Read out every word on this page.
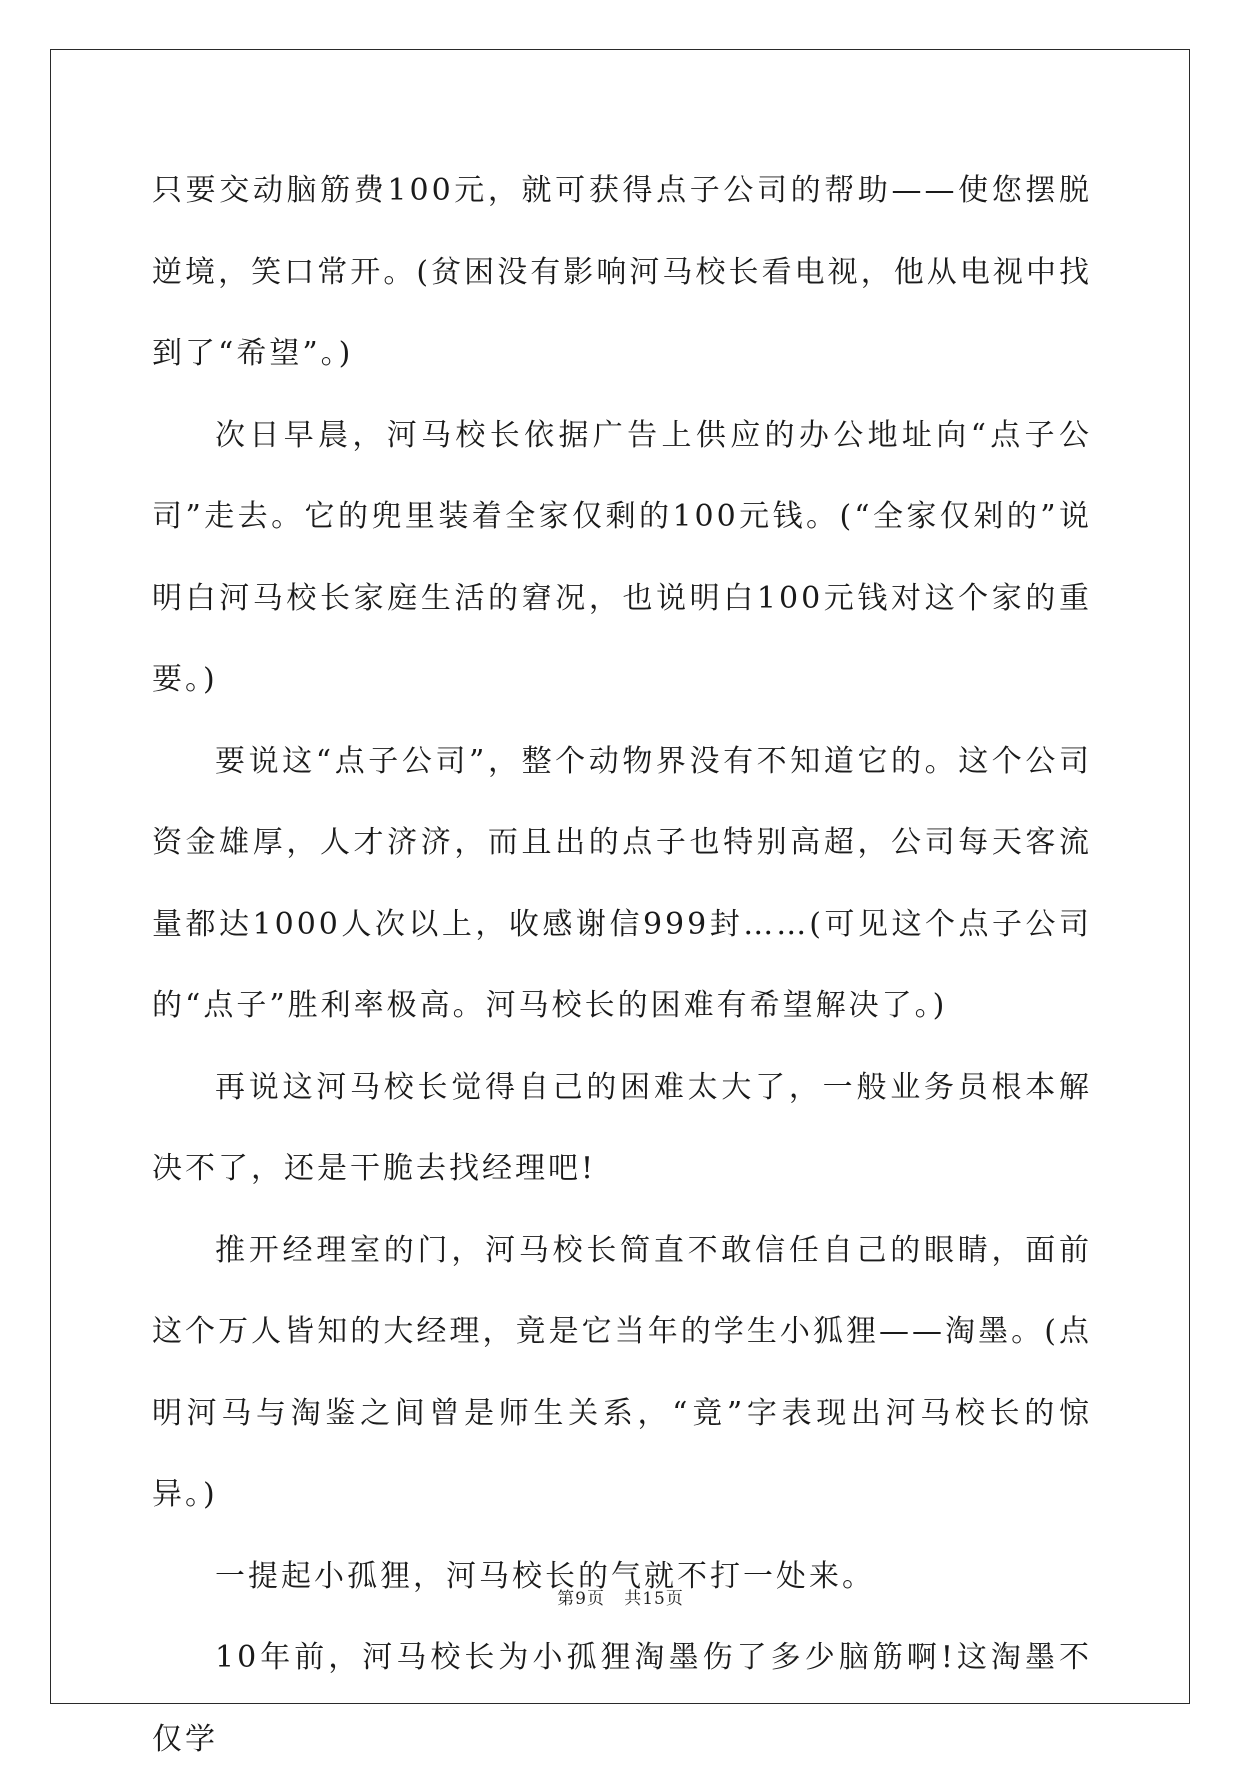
只要交动脑筋费100元，就可获得点子公司的帮助——使您摆脱逆境，笑口常开。(贫困没有影响河马校长看电视，他从电视中找到了“希望”。)

次日早晨，河马校长依据广告上供应的办公地址向“点子公司”走去。它的兜里装着全家仅剩的100元钱。(“全家仅剁的”说明白河马校长家庭生活的窘况，也说明白100元钱对这个家的重要。)

要说这“点子公司”，整个动物界没有不知道它的。这个公司资金雄厚，人才济济，而且出的点子也特别高超，公司每天客流量都达1000人次以上，收感谢信999封……(可见这个点子公司的“点子”胜利率极高。河马校长的困难有希望解决了。)

再说这河马校长觉得自己的困难太大了，一般业务员根本解决不了，还是干脆去找经理吧!

推开经理室的门，河马校长简直不敢信任自己的眼睛，面前这个万人皆知的大经理，竟是它当年的学生小狐狸——淘墨。(点明河马与淘鉴之间曾是师生关系，“竟”字表现出河马校长的惊异。)

一提起小孤狸，河马校长的气就不打一处来。

10年前，河马校长为小孤狸淘墨伤了多少脑筋啊!这淘墨不仅学

第9页 共15页
